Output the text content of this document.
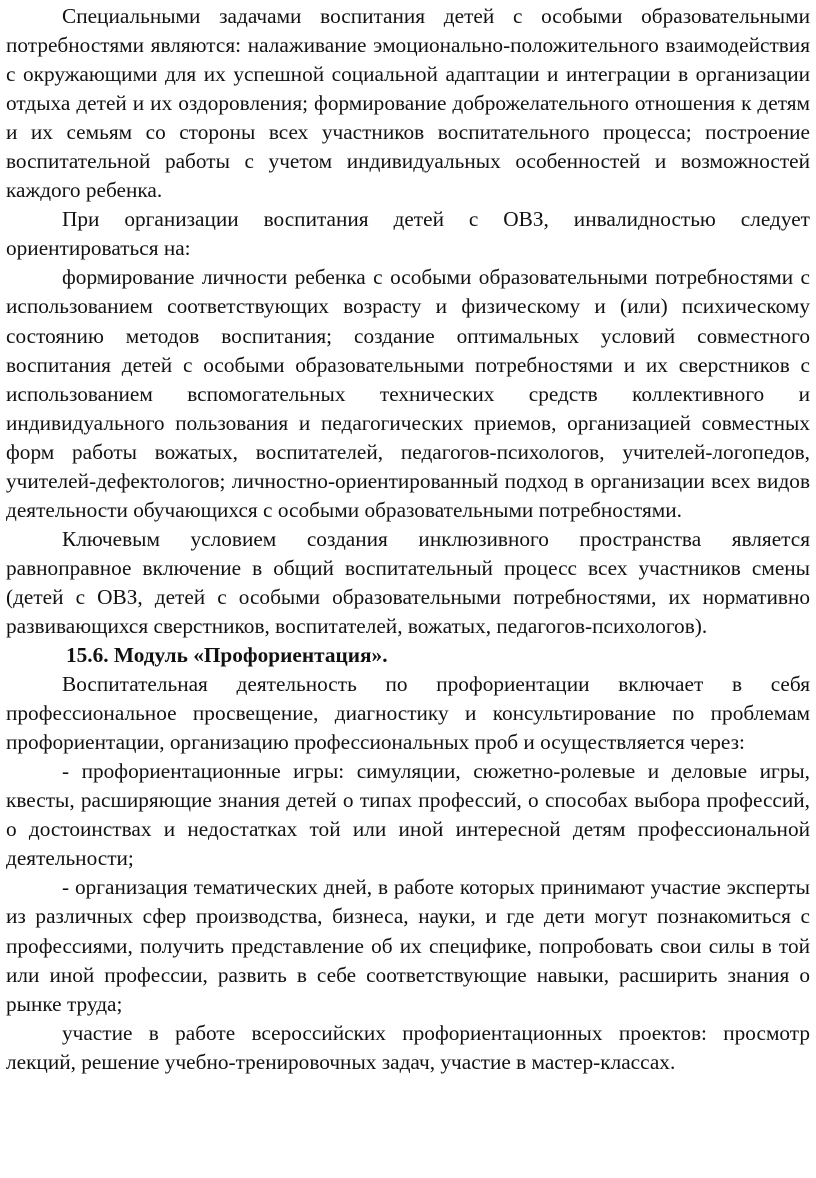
Специальными задачами воспитания детей с особыми образовательными потребностями являются: налаживание эмоционально-положительного взаимодействия с окружающими для их успешной социальной адаптации и интеграции в организации отдыха детей и их оздоровления; формирование доброжелательного отношения к детям и их семьям со стороны всех участников воспитательного процесса; построение воспитательной работы с учетом индивидуальных особенностей и возможностей каждого ребенка.

При организации воспитания детей с ОВЗ, инвалидностью следует ориентироваться на:

формирование личности ребенка с особыми образовательными потребностями с использованием соответствующих возрасту и физическому и (или) психическому состоянию методов воспитания; создание оптимальных условий совместного воспитания детей с особыми образовательными потребностями и их сверстников с использованием вспомогательных технических средств коллективного и индивидуального пользования и педагогических приемов, организацией совместных форм работы вожатых, воспитателей, педагогов-психологов, учителей-логопедов, учителей-дефектологов; личностно-ориентированный подход в организации всех видов деятельности обучающихся с особыми образовательными потребностями.

Ключевым условием создания инклюзивного пространства является равноправное включение в общий воспитательный процесс всех участников смены (детей с ОВЗ, детей с особыми образовательными потребностями, их нормативно развивающихся сверстников, воспитателей, вожатых, педагогов-психологов).

15.6. Модуль «Профориентация».

Воспитательная деятельность по профориентации включает в себя профессиональное просвещение, диагностику и консультирование по проблемам профориентации, организацию профессиональных проб и осуществляется через:

- профориентационные игры: симуляции, сюжетно-ролевые и деловые игры, квесты, расширяющие знания детей о типах профессий, о способах выбора профессий, о достоинствах и недостатках той или иной интересной детям профессиональной деятельности;

- организация тематических дней, в работе которых принимают участие эксперты из различных сфер производства, бизнеса, науки, и где дети могут познакомиться с профессиями, получить представление об их специфике, попробовать свои силы в той или иной профессии, развить в себе соответствующие навыки, расширить знания о рынке труда;

участие в работе всероссийских профориентационных проектов: просмотр лекций, решение учебно-тренировочных задач, участие в мастер-классах.
